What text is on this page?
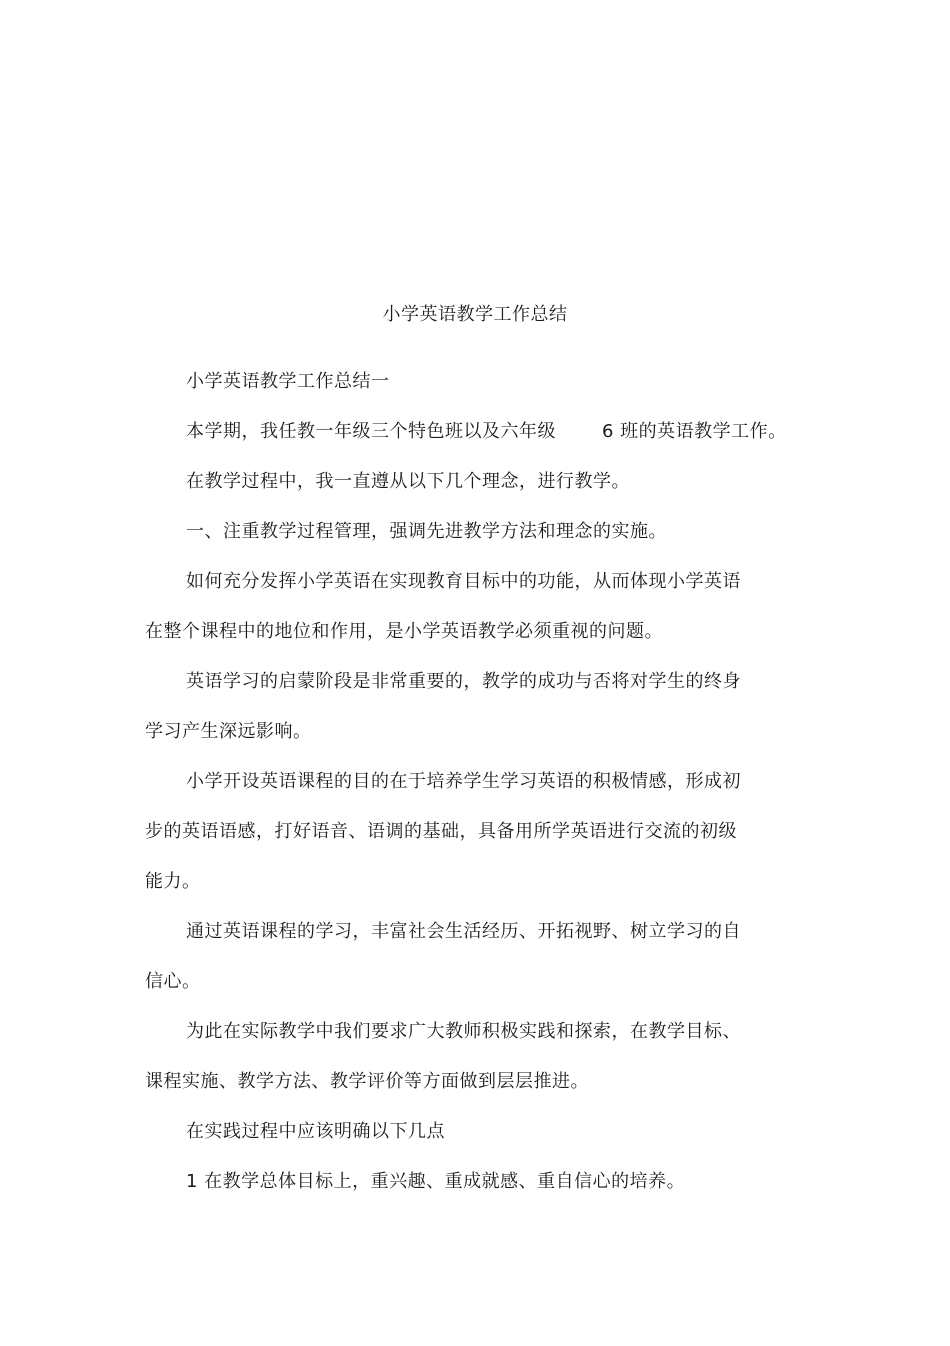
小学英语教学工作总结
小学英语教学工作总结一
本学期，我任教一年级三个特色班以及六年级	6 班的英语教学工作。
在教学过程中，我一直遵从以下几个理念，进行教学。
一、注重教学过程管理，强调先进教学方法和理念的实施。
如何充分发挥小学英语在实现教育目标中的功能，从而体现小学英语
在整个课程中的地位和作用，是小学英语教学必须重视的问题。
英语学习的启蒙阶段是非常重要的，教学的成功与否将对学生的终身
学习产生深远影响。
小学开设英语课程的目的在于培养学生学习英语的积极情感，形成初
步的英语语感，打好语音、语调的基础，具备用所学英语进行交流的初级
能力。
通过英语课程的学习，丰富社会生活经历、开拓视野、树立学习的自
信心。
为此在实际教学中我们要求广大教师积极实践和探索，在教学目标、
课程实施、教学方法、教学评价等方面做到层层推进。
在实践过程中应该明确以下几点
1 在教学总体目标上，重兴趣、重成就感、重自信心的培养。
